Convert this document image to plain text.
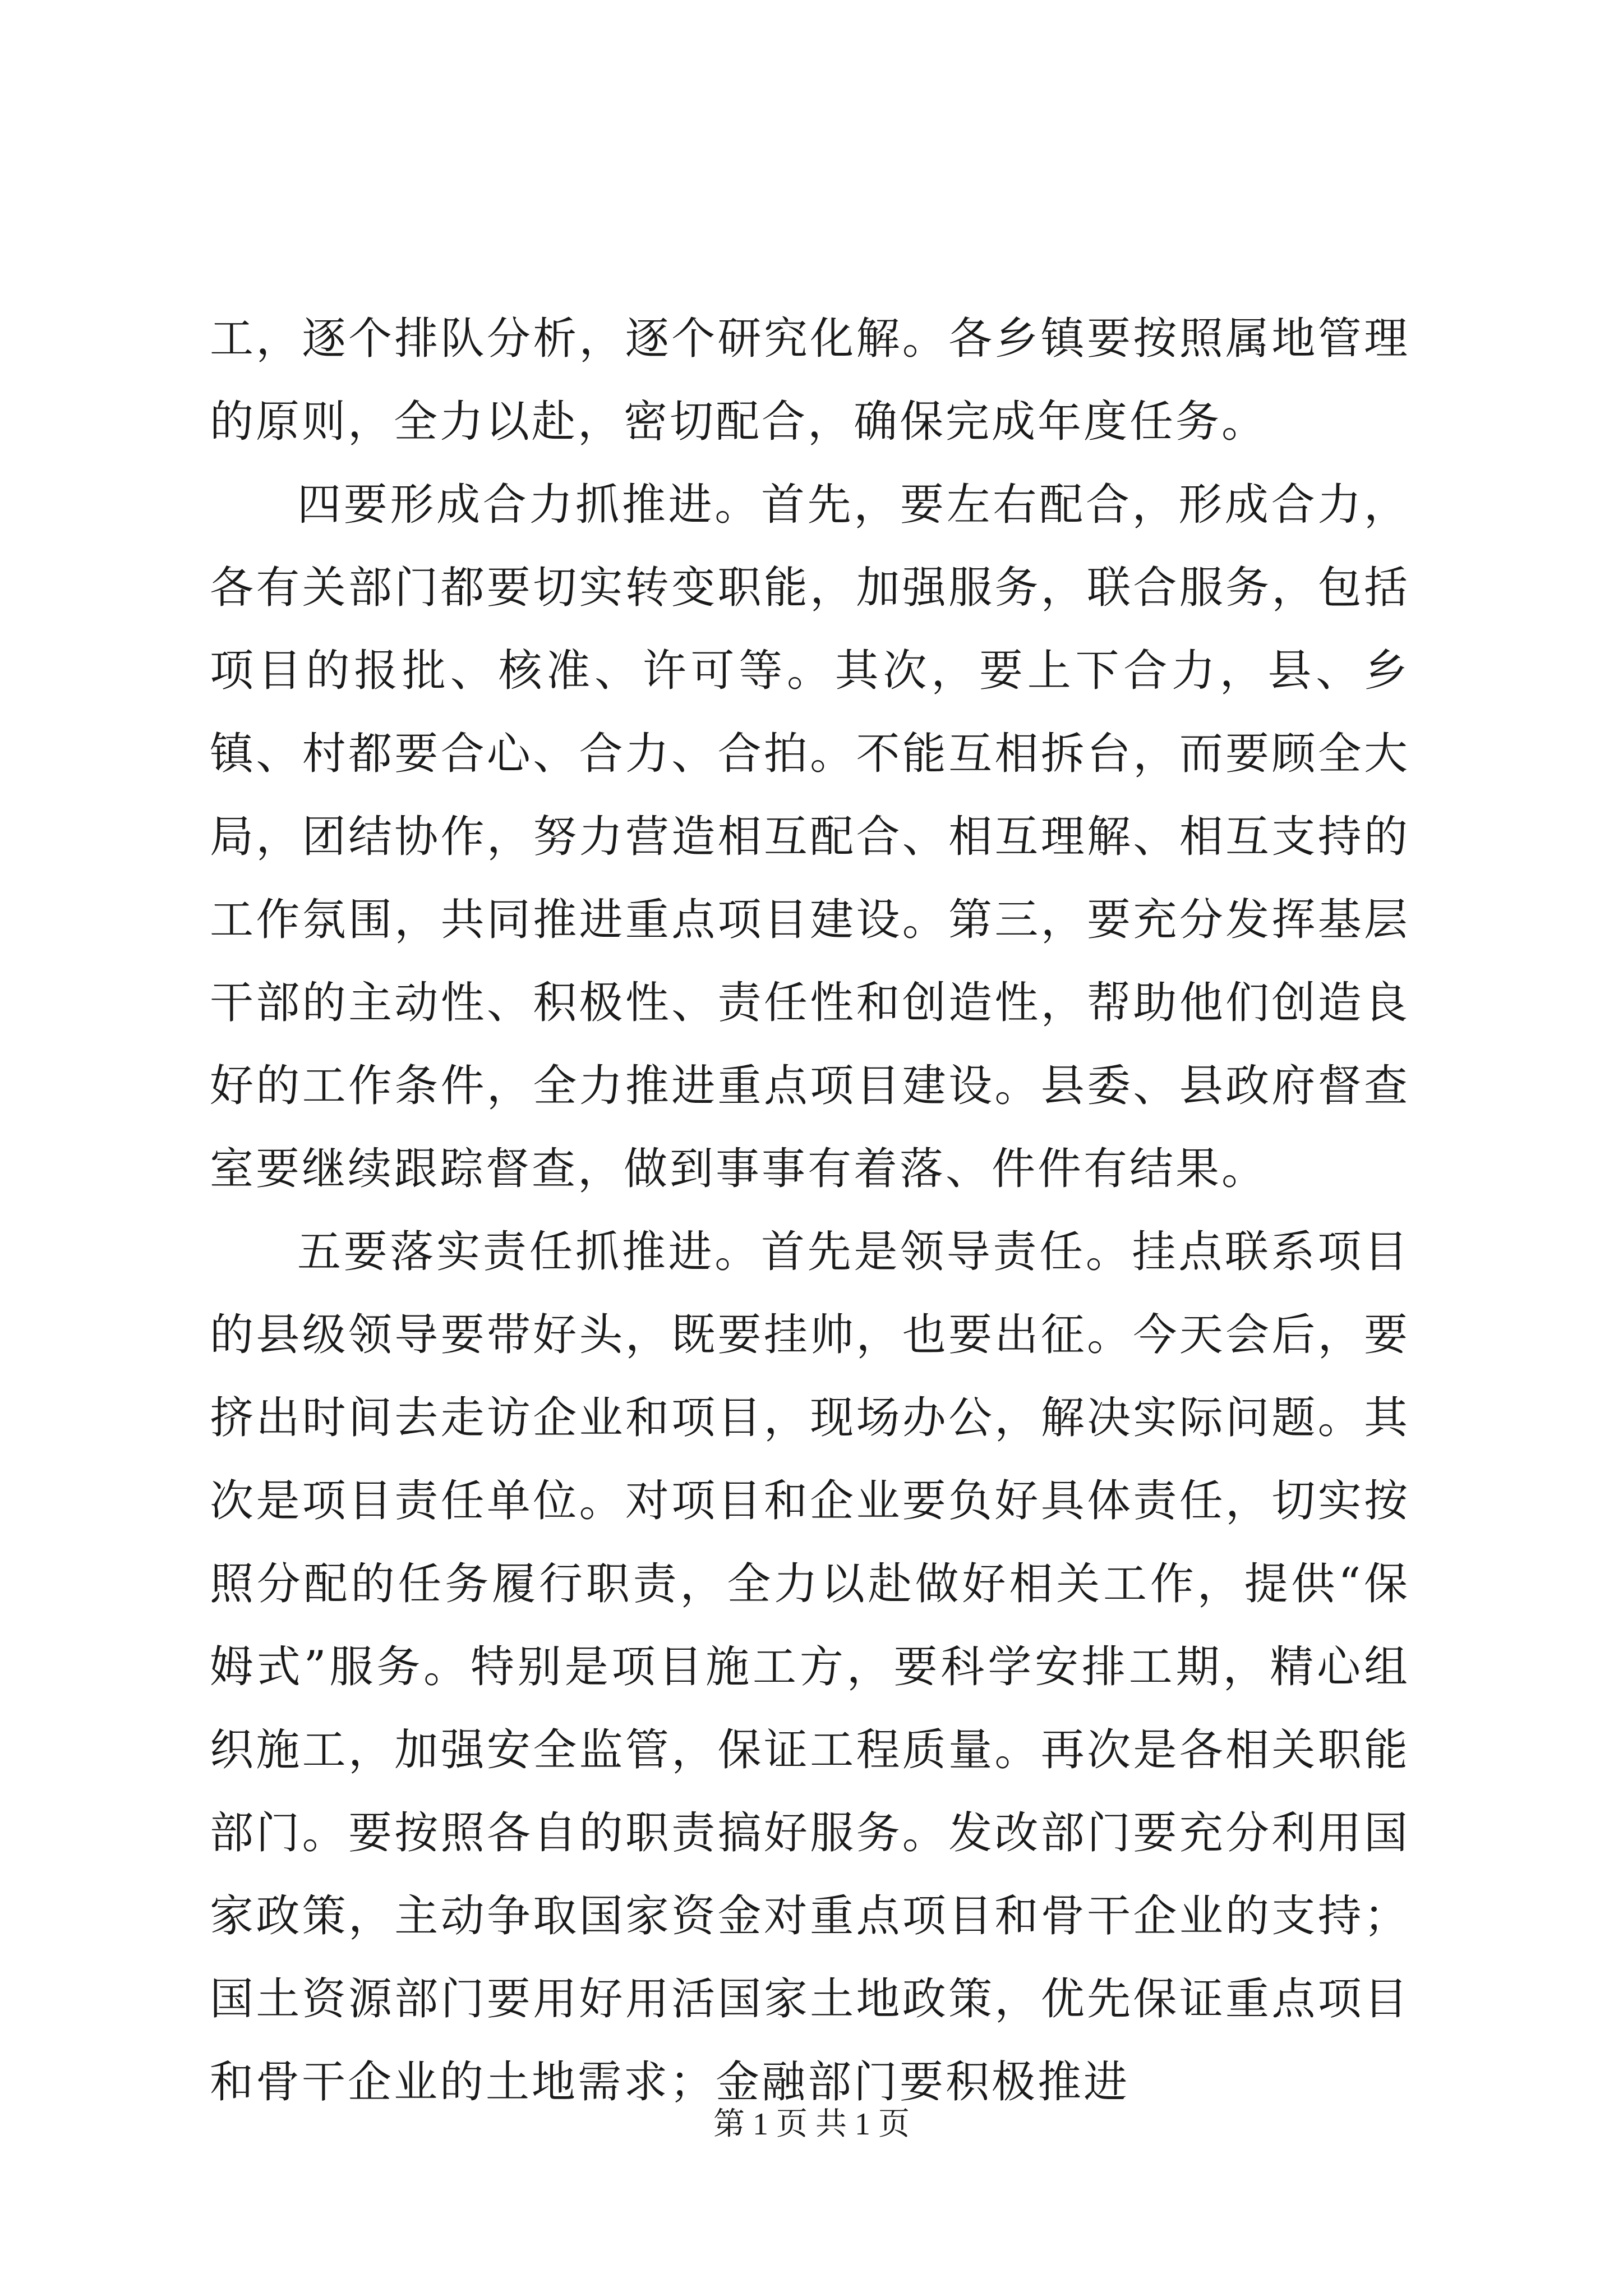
工，逐个排队分析，逐个研究化解。各乡镇要按照属地管理的原则，全力以赴，密切配合，确保完成年度任务。

四要形成合力抓推进。首先，要左右配合，形成合力，各有关部门都要切实转变职能，加强服务，联合服务，包括项目的报批、核准、许可等。其次，要上下合力，县、乡镇、村都要合心、合力、合拍。不能互相拆台，而要顾全大局，团结协作，努力营造相互配合、相互理解、相互支持的工作氛围，共同推进重点项目建设。第三，要充分发挥基层干部的主动性、积极性、责任性和创造性，帮助他们创造良好的工作条件，全力推进重点项目建设。县委、县政府督查室要继续跟踪督查，做到事事有着落、件件有结果。

五要落实责任抓推进。首先是领导责任。挂点联系项目的县级领导要带好头，既要挂帅，也要出征。今天会后，要挤出时间去走访企业和项目，现场办公，解决实际问题。其次是项目责任单位。对项目和企业要负好具体责任，切实按照分配的任务履行职责，全力以赴做好相关工作，提供“保姆式”服务。特别是项目施工方，要科学安排工期，精心组织施工，加强安全监管，保证工程质量。再次是各相关职能部门。要按照各自的职责搞好服务。发改部门要充分利用国家政策，主动争取国家资金对重点项目和骨干企业的支持；国土资源部门要用好用活国家土地政策，优先保证重点项目和骨干企业的土地需求；金融部门要积极推进

第 1 页 共 1 页
